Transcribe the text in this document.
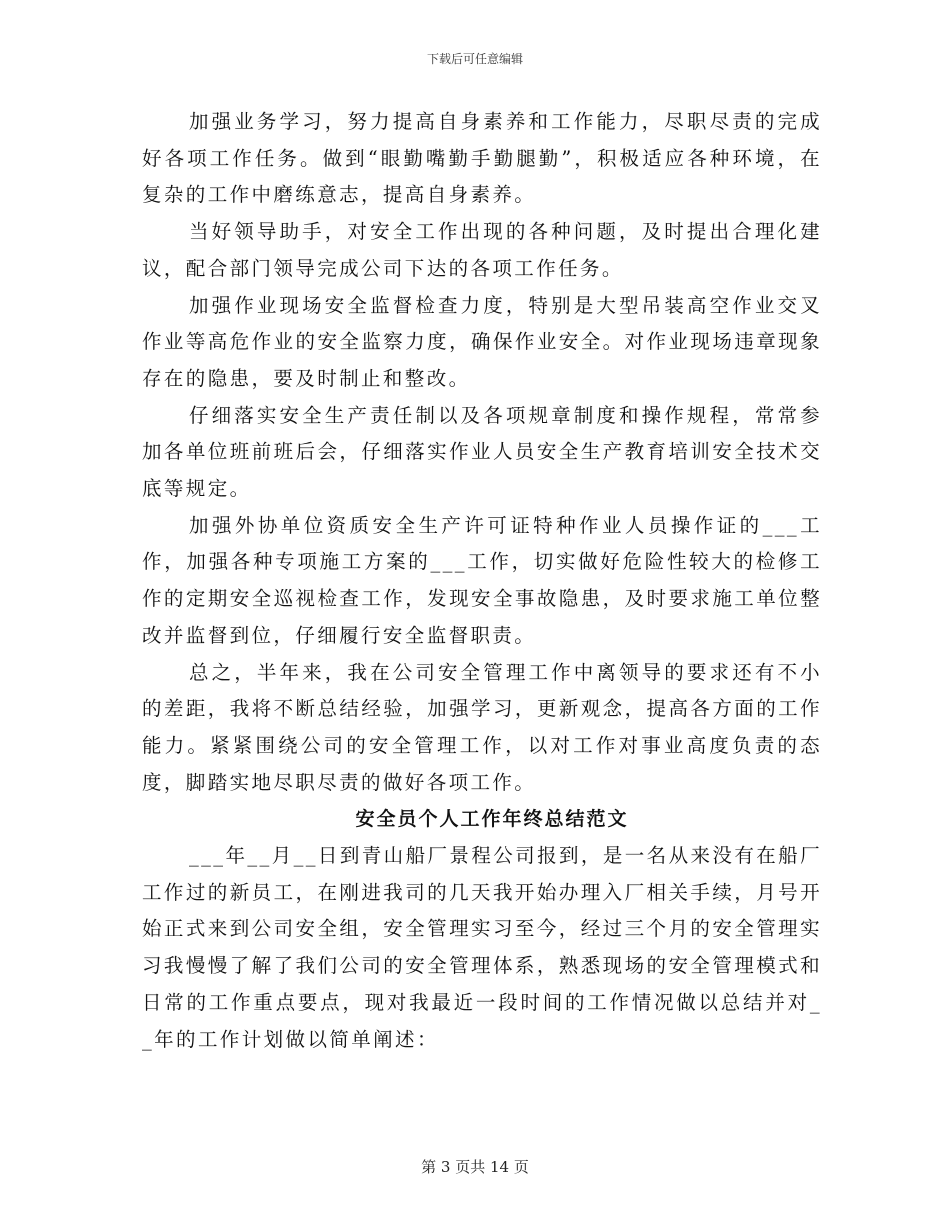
下载后可任意编辑

加强业务学习，努力提高自身素养和工作能力，尽职尽责的完成好各项工作任务。做到“眼勤嘴勤手勤腿勤”，积极适应各种环境，在复杂的工作中磨练意志，提高自身素养。

当好领导助手，对安全工作出现的各种问题，及时提出合理化建议，配合部门领导完成公司下达的各项工作任务。

加强作业现场安全监督检查力度，特别是大型吊装高空作业交叉作业等高危作业的安全监察力度，确保作业安全。对作业现场违章现象存在的隐患，要及时制止和整改。

仔细落实安全生产责任制以及各项规章制度和操作规程，常常参加各单位班前班后会，仔细落实作业人员安全生产教育培训安全技术交底等规定。

加强外协单位资质安全生产许可证特种作业人员操作证的___工作，加强各种专项施工方案的___工作，切实做好危险性较大的检修工作的定期安全巡视检查工作，发现安全事故隐患，及时要求施工单位整改并监督到位，仔细履行安全监督职责。

总之，半年来，我在公司安全管理工作中离领导的要求还有不小的差距，我将不断总结经验，加强学习，更新观念，提高各方面的工作能力。紧紧围绕公司的安全管理工作，以对工作对事业高度负责的态度，脚踏实地尽职尽责的做好各项工作。

安全员个人工作年终总结范文

___年__月__日到青山船厂景程公司报到，是一名从来没有在船厂工作过的新员工，在刚进我司的几天我开始办理入厂相关手续，月号开始正式来到公司安全组，安全管理实习至今，经过三个月的安全管理实习我慢慢了解了我们公司的安全管理体系，熟悉现场的安全管理模式和日常的工作重点要点，现对我最近一段时间的工作情况做以总结并对__年的工作计划做以简单阐述：

第 3 页共 14 页
